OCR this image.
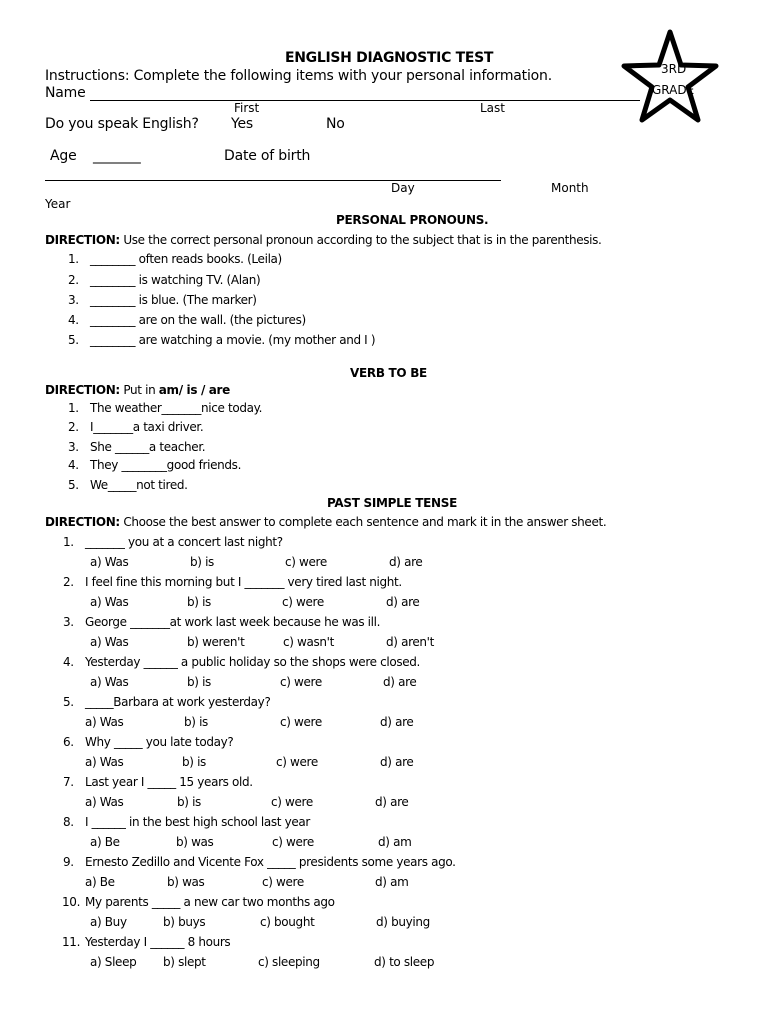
ENGLISH DIAGNOSTIC TEST
3RD
GRADE
Instructions: Complete the following items with your personal information.
Name
First	Last
Do you speak English? Yes	No
Age _______	Date of birth
Day	Month
Year
PERSONAL PRONOUNS.
DIRECTION: Use the correct personal pronoun according to the subject that is in the parenthesis.
1. ________ often reads books. (Leila)
2. ________ is watching TV. (Alan)
3. ________ is blue. (The marker)
4. ________ are on the wall. (the pictures)
5. ________ are watching a movie. (my mother and I )
VERB TO BE
DIRECTION: Put in am/ is / are
1. The weather_______nice today.
2. I_______a taxi driver.
3. She ______a teacher.
4. They ________good friends.
5. We_____not tired.
PAST SIMPLE TENSE
DIRECTION: Choose the best answer to complete each sentence and mark it in the answer sheet.
1. _______ you at a concert last night?
a) Was	b) is	c) were	d) are
2. I feel fine this morning but I _______ very tired last night.
a) Was	b) is	c) were	d) are
3. George _______at work last week because he was ill.
a) Was	b) weren't	c) wasn't	d) aren't
4. Yesterday ______ a public holiday so the shops were closed.
a) Was	b) is	c) were	d) are
5. _____Barbara at work yesterday?
a) Was	b) is	c) were	d) are
6. Why _____ you late today?
a) Was	b) is	c) were	d) are
7. Last year I _____ 15 years old.
a) Was	b) is	c) were	d) are
8. I ______ in the best high school last year
a) Be	b) was	c) were	d) am
9. Ernesto Zedillo and Vicente Fox _____ presidents some years ago.
a) Be	b) was	c) were	d) am
10. My parents _____ a new car two months ago
a) Buy	b) buys	c) bought	d) buying
11. Yesterday I ______ 8 hours
a) Sleep b) slept	c) sleeping	d) to sleep
